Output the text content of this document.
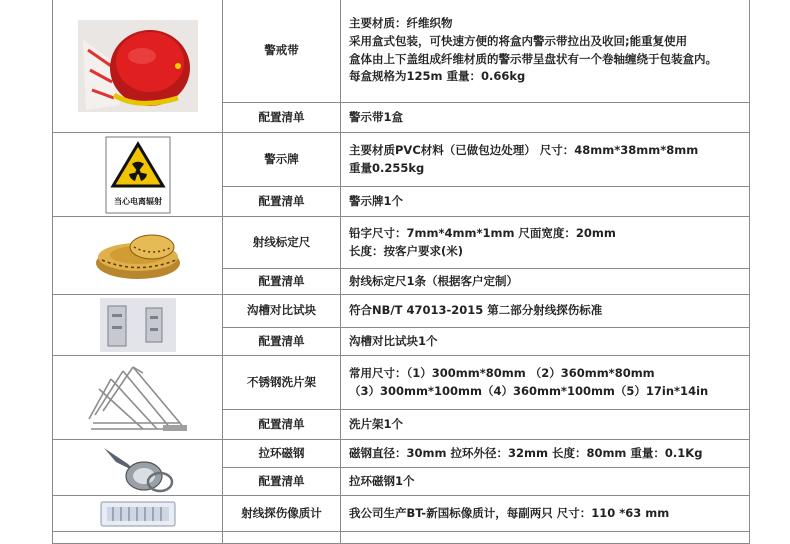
	警戒带	主要材质：纤维织物
采用盒式包装，可快速方便的将盒内警示带拉出及收回;能重复使用
盒体由上下盖组成纤维材质的警示带呈盘状有一个卷轴缠绕于包装盒内。
每盒规格为125m 重量：0.66kg

	配置清单	警示带1盒

当心电离辐射	警示牌	主要材质PVC材料（已做包边处理） 尺寸：48mm*38mm*8mm
重量0.255kg

	配置清单	警示牌1个

	射线标定尺	铅字尺寸：7mm*4mm*1mm 尺面宽度：20mm
长度：按客户要求(米)

	配置清单	射线标定尺1条（根据客户定制）

	沟槽对比试块	符合NB/T 47013-2015 第二部分射线探伤标准

	配置清单	沟槽对比试块1个

	不锈钢洗片架	常用尺寸：（1）300mm*80mm （2）360mm*80mm
（3）300mm*100mm（4）360mm*100mm（5）17in*14in

	配置清单	洗片架1个

	拉环磁钢	磁钢直径：30mm 拉环外径：32mm 长度：80mm 重量：0.1Kg

	配置清单	拉环磁钢1个

	射线探伤像质计	我公司生产BT-新国标像质计，每副两只 尺寸：110 *63 mm
